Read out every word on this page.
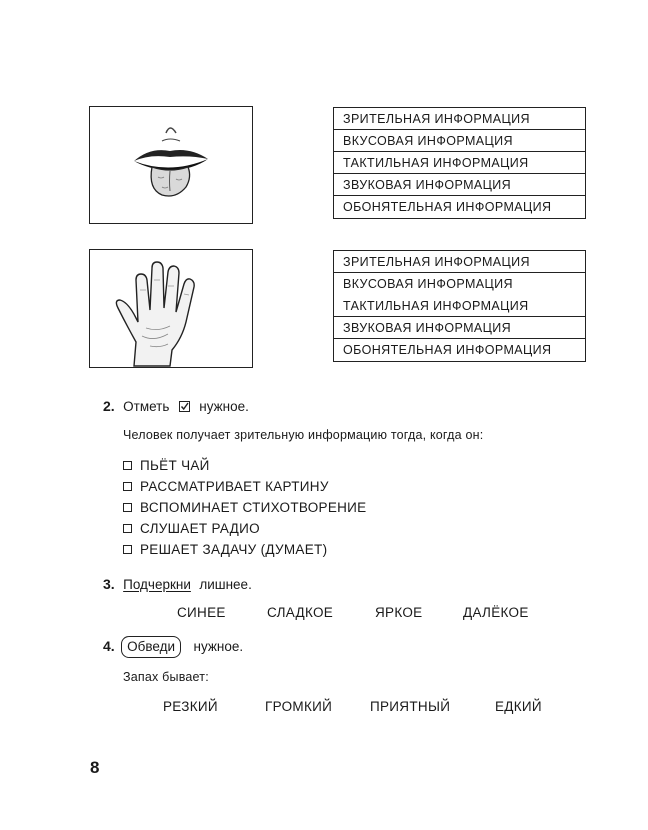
ЗРИТЕЛЬНАЯ ИНФОРМАЦИЯ
ВКУСОВАЯ ИНФОРМАЦИЯ
ТАКТИЛЬНАЯ ИНФОРМАЦИЯ
ЗВУКОВАЯ ИНФОРМАЦИЯ
ОБОНЯТЕЛЬНАЯ ИНФОРМАЦИЯ
ЗРИТЕЛЬНАЯ ИНФОРМАЦИЯ
ВКУСОВАЯ ИНФОРМАЦИЯ
ТАКТИЛЬНАЯ ИНФОРМАЦИЯ
ЗВУКОВАЯ ИНФОРМАЦИЯ
ОБОНЯТЕЛЬНАЯ ИНФОРМАЦИЯ
2. Отметь нужное.
Человек получает зрительную информацию тогда, когда он:
ПЬЁТ ЧАЙ
РАССМАТРИВАЕТ КАРТИНУ
ВСПОМИНАЕТ СТИХОТВОРЕНИЕ
СЛУШАЕТ РАДИО
РЕШАЕТ ЗАДАЧУ (ДУМАЕТ)
3. Подчеркни лишнее.
СИНЕЕ	СЛАДКОЕ	ЯРКОЕ	ДАЛЁКОЕ
4. Обведи нужное.
Запах бывает:
РЕЗКИЙ	ГРОМКИЙ	ПРИЯТНЫЙ	ЕДКИЙ
8
